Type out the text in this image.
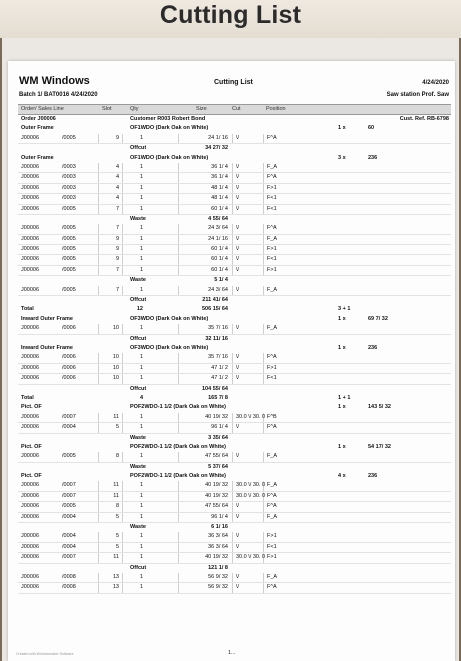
Cutting List
WM Windows	Cutting List	4/24/2020
Batch 1/ BAT0016 4/24/2020	Saw station Prof. Saw
Order/ Sales Line	Slot	Qty	Size	Cut	Position
Order J00006	Customer R003 Robert Bond	Cust. Ref. RB-6798
Outer Frame	OF1WDO (Dark Oak on White)	1 x	60
J00006	/0005	9	1	24 1/ 16 \/	F^A
Offcut	34 27/ 32
Outer Frame	OF1WDO (Dark Oak on White)	3 x	236
J00006	/0003	4	1	36 1/ 4 \/	F_A
J00006	/0003	4	1	36 1/ 4 \/	F^A
J00006	/0003	4	1	48 1/ 4 \/	F>1
J00006	/0003	4	1	48 1/ 4 \/	F<1
J00006	/0005	7	1	60 1/ 4 \/	F<1
Waste	4 55/ 64
J00006	/0005	7	1	24 3/ 64 \/	F^A
J00006	/0005	9	1	24 1/ 16 \/	F_A
J00006	/0005	9	1	60 1/ 4 \/	F>1
J00006	/0005	9	1	60 1/ 4 \/	F<1
J00006	/0005	7	1	60 1/ 4 \/	F>1
Waste	5 1/ 4
J00006	/0005	7	1	24 3/ 64 \/	F_A
Offcut	211 41/ 64
Total	12	506 15/ 64	3 + 1
Inward Outer Frame	OF3WDO (Dark Oak on White)	1 x	69 7/ 32
J00006	/0006	10	1	35 7/ 16 \/	F_A
Offcut	32 11/ 16
Inward Outer Frame	OF3WDO (Dark Oak on White)	1 x	236
J00006	/0006	10	1	35 7/ 16 \/	F^A
J00006	/0006	10	1	47 1/ 2 \/	F>1
J00006	/0006	10	1	47 1/ 2 \/	F<1
Offcut	104 55/ 64
Total	4	165 7/ 8	1 + 1
Pict. OF	POF2WDO-1 1/2 (Dark Oak on White)	1 x	143 5/ 32
J00006	/0007	11	1	40 19/ 32 30.0 \/ 30. 0 F^B
J00006	/0004	5	1	96 1/ 4 \/	F^A
Waste	3 35/ 64
Pict. OF	POF2WDO-1 1/2 (Dark Oak on White)	1 x	54 17/ 32
J00006	/0005	8	1	47 55/ 64 \/	F_A
Waste	5 37/ 64
Pict. OF	POF2WDO-1 1/2 (Dark Oak on White)	4 x	236
J00006	/0007	11	1	40 19/ 32 30.0 \/ 30. 0 F_A
J00006	/0007	11	1	40 19/ 32 30.0 \/ 30. 0 F^A
J00006	/0005	8	1	47 55/ 64 \/	F^A
J00006	/0004	5	1	96 1/ 4 \/	F_A
Waste	6 1/ 16
J00006	/0004	5	1	36 3/ 64 \/	F>1
J00006	/0004	5	1	36 3/ 64 \/	F<1
J00006	/0007	11	1	40 19/ 32 30.0 \/ 30. 0 F>1
Offcut	121 1/ 8
J00006	/0008	13	1	56 9/ 32 \/	F_A
J00006	/0008	13	1	56 9/ 32 \/	F^A
Created with Windowmaker Software	1...
